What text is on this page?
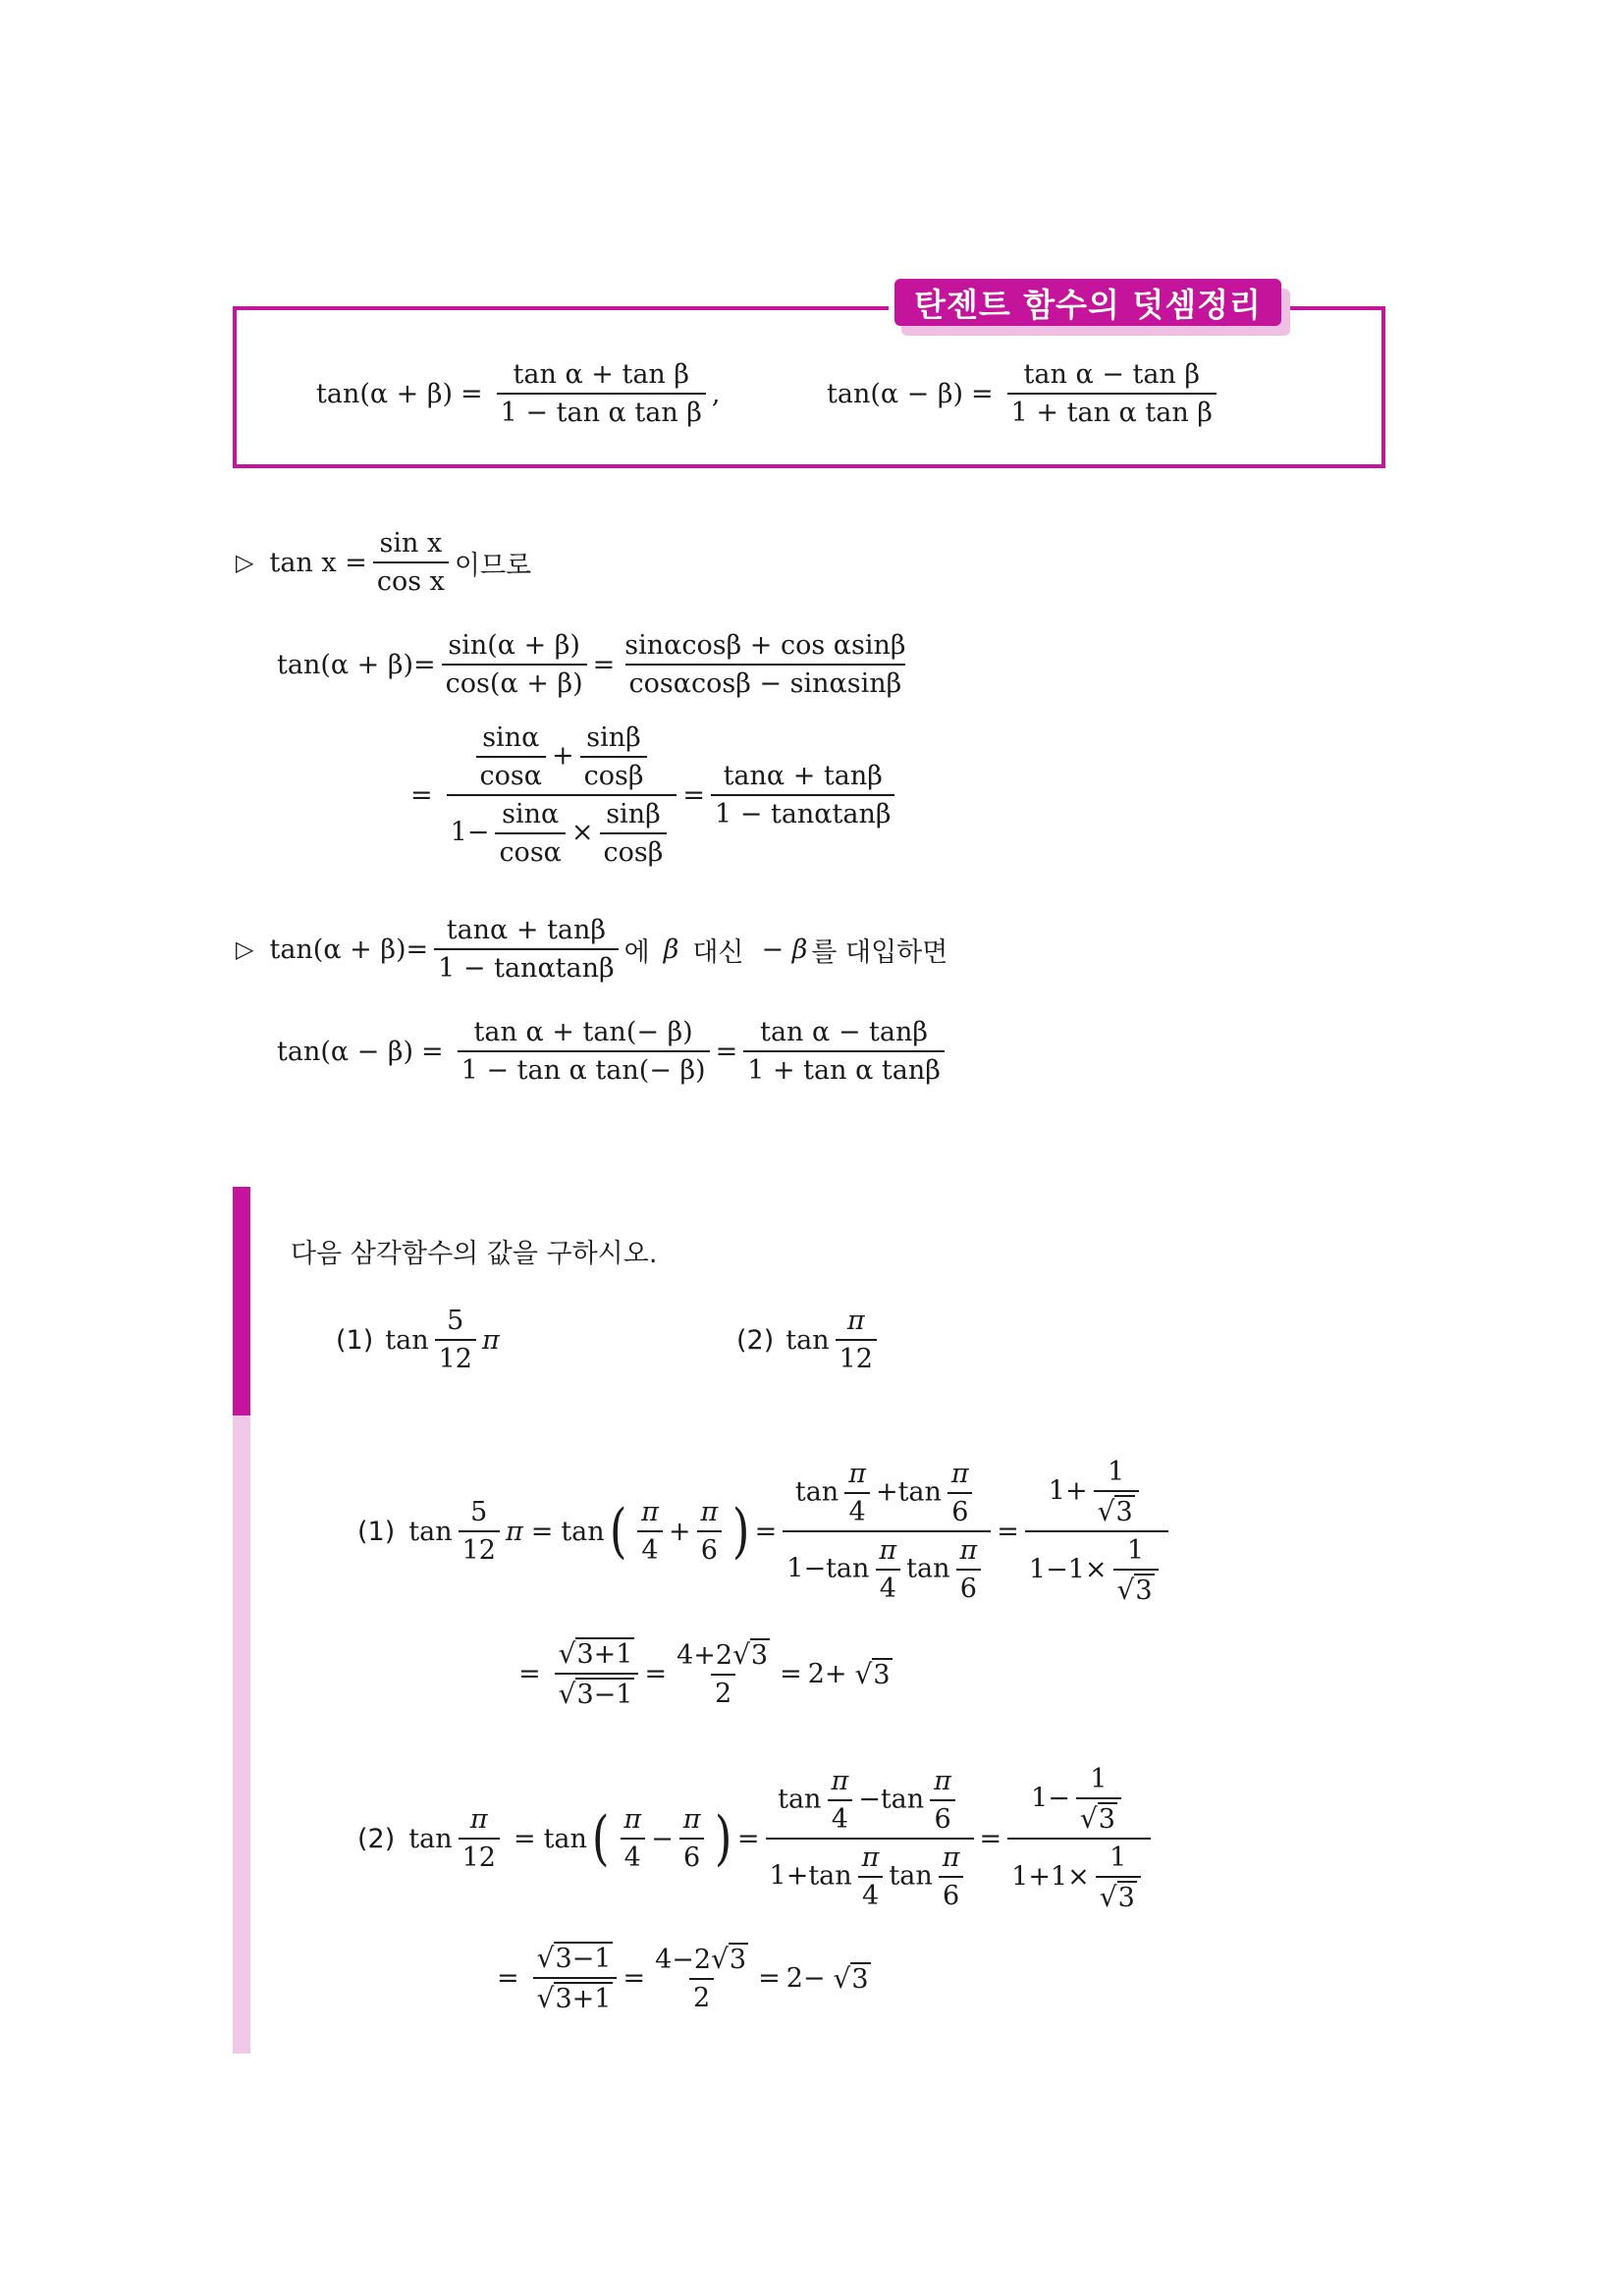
탄젠트 함수의 덧셈정리
$\tan(\alpha + \beta) = \frac{\text{tan α + tan β}}{\text{1 − tan α tan β}}$ ,	$\tan(\alpha - \beta) = \frac{\text{tan α − tan β}}{\text{1 + tan α tan β}}$
▷ $\tan x = \frac{\text{sin x}}{\text{cos x}}$ 이므로
$\tan(\alpha + \beta)= \frac{\sin(\alpha + \beta)}{\cos(\alpha + \beta)} = \frac{\text{sinαcosβ + cos αsinβ}}{\cos\alpha\cos\beta - \sin\alpha\sin\beta}$
= $\frac{\frac{\sin\alpha}{\cos\alpha} + \frac{\sin\beta}{\cos\beta}}{1- \frac{\sin\alpha}{\cos\alpha} \times \frac{\sin\beta}{\cos\beta}} = \frac{\tan\alpha + \tan\beta}{1 - \tan\alpha\tan\beta}$
▷ $\tan(\alpha + \beta)= \frac{\tan\alpha + \tan\beta}{1 - \tan\alpha\tan\beta}$ 에 β 대신 − β 를 대입하면
$\tan(\alpha - \beta) = \frac{\text{tan α + tan(− β)}}{\text{1 − tan α tan(− β)}} = \frac{\text{tan α − tanβ}}{\text{1 + tan α tanβ}}$
다음 삼각함수의 값을 구하시오.
(1) $\tan \frac{5}{12}$ π	(2) $\tan \frac{\pi}{12}$
(1) $\tan \frac{5}{12}$ π = tan ( $\frac{\pi}{4} + \frac{\pi}{6}$ ) = $\frac{\tan \frac{\pi}{4} +\tan \frac{\pi}{6}}{1-\tan \frac{\pi}{4} \tan \frac{\pi}{6}} = \frac{1+ \frac{1}{√ 3}}{1-1\times \frac{1}{√ 3}}$
= $\frac{√ 3+1}{√ 3-1} = \frac{4+2 √ 3}{2} = 2+$ √ 3
(2) $\tan \frac{\pi}{12} = \tan$ ( $\frac{\pi}{4} - \frac{\pi}{6}$ ) = $\frac{\tan \frac{\pi}{4} -\tan \frac{\pi}{6}}{1+\tan \frac{\pi}{4} \tan \frac{\pi}{6}} = \frac{1- \frac{1}{√ 3}}{1+1\times \frac{1}{√ 3}}$
= $\frac{√ 3-1}{√ 3+1} = \frac{4-2 √ 3}{2} = 2-$ √ 3
